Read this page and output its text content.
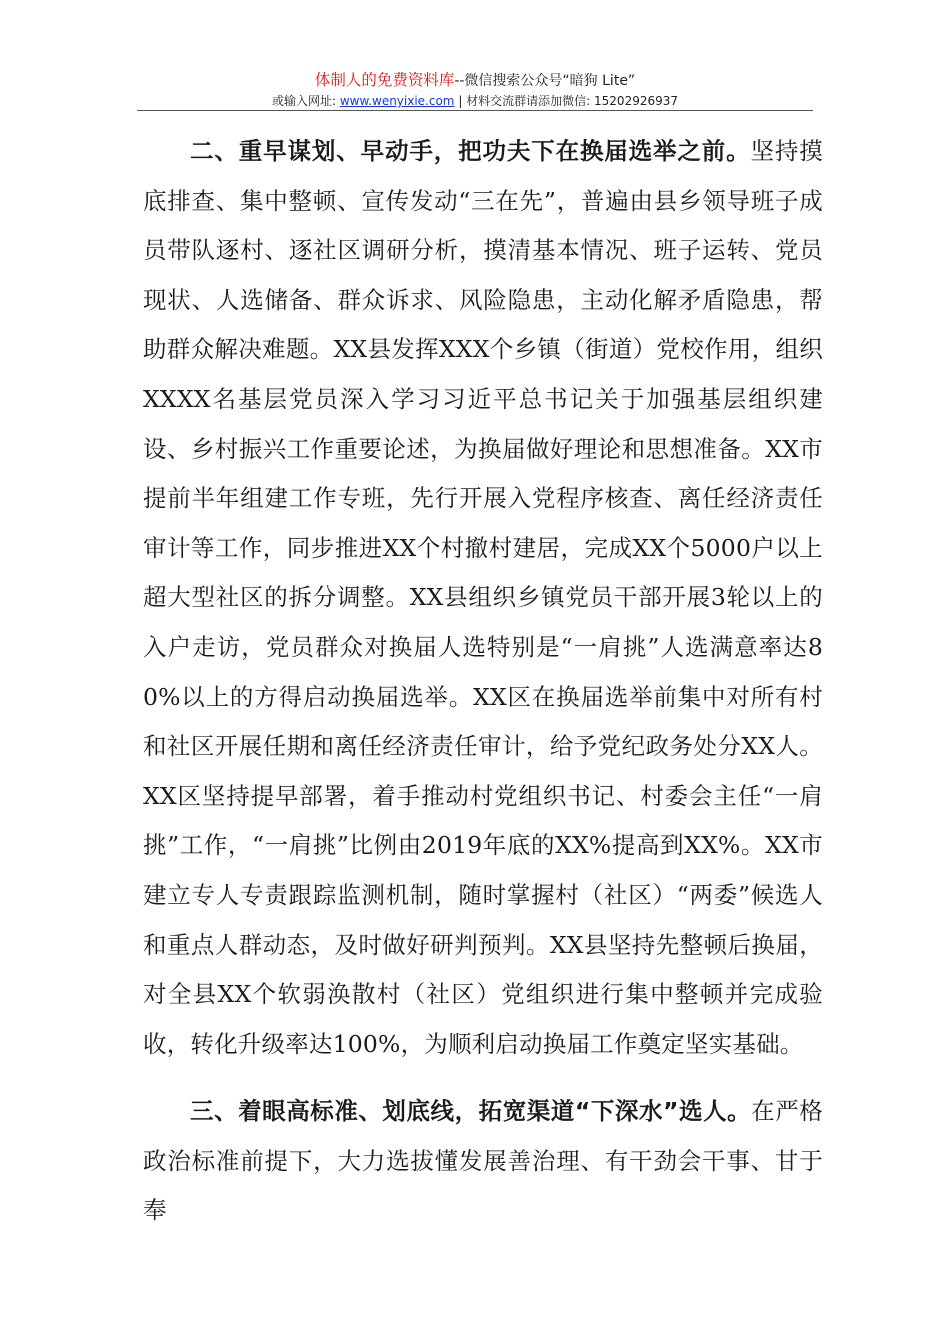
体制人的免费资料库--微信搜索公众号“暗狗 Lite”
或输入网址: www.wenyixie.com | 材料交流群请添加微信: 15202926937

二、重早谋划、早动手，把功夫下在换届选举之前。坚持摸底排查、集中整顿、宣传发动“三在先”，普遍由县乡领导班子成员带队逐村、逐社区调研分析，摸清基本情况、班子运转、党员现状、人选储备、群众诉求、风险隐患，主动化解矛盾隐患，帮助群众解决难题。XX县发挥XXX个乡镇（街道）党校作用，组织XXXX名基层党员深入学习习近平总书记关于加强基层组织建设、乡村振兴工作重要论述，为换届做好理论和思想准备。XX市提前半年组建工作专班，先行开展入党程序核查、离任经济责任审计等工作，同步推进XX个村撤村建居，完成XX个5000户以上超大型社区的拆分调整。XX县组织乡镇党员干部开展3轮以上的入户走访，党员群众对换届人选特别是“一肩挑”人选满意率达80%以上的方得启动换届选举。XX区在换届选举前集中对所有村和社区开展任期和离任经济责任审计，给予党纪政务处分XX人。XX区坚持提早部署，着手推动村党组织书记、村委会主任“一肩挑”工作，“一肩挑”比例由2019年底的XX%提高到XX%。XX市建立专人专责跟踪监测机制，随时掌握村（社区）“两委”候选人和重点人群动态，及时做好研判预判。XX县坚持先整顿后换届，对全县XX个软弱涣散村（社区）党组织进行集中整顿并完成验收，转化升级率达100%，为顺利启动换届工作奠定坚实基础。

三、着眼高标准、划底线，拓宽渠道“下深水”选人。在严格政治标准前提下，大力选拔懂发展善治理、有干劲会干事、甘于奉
